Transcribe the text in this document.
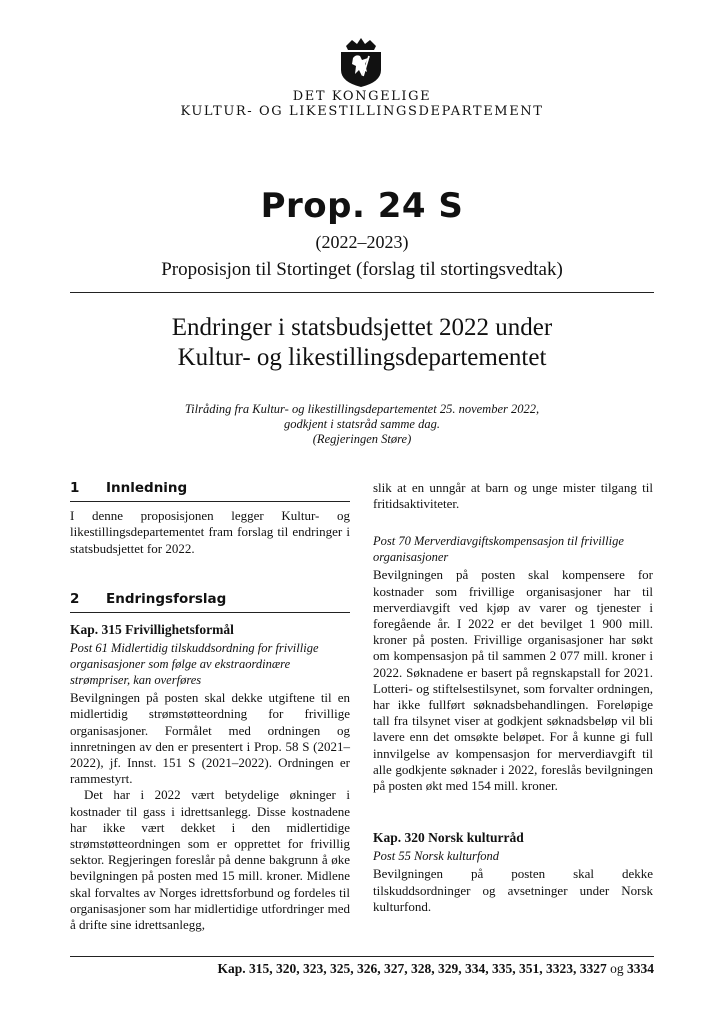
DET KONGELIGE
KULTUR- OG LIKESTILLINGSDEPARTEMENT
Prop. 24 S
(2022–2023)
Proposisjon til Stortinget (forslag til stortingsvedtak)
Endringer i statsbudsjettet 2022 under
Kultur- og likestillingsdepartementet
Tilråding fra Kultur- og likestillingsdepartementet 25. november 2022,
godkjent i statsråd samme dag.
(Regjeringen Støre)
1	Innledning

I denne proposisjonen legger Kultur- og likestillingsdepartementet fram forslag til endringer i statsbudsjettet for 2022.

2	Endringsforslag
Kap. 315 Frivillighetsformål
Post 61 Midlertidig tilskuddsordning for frivillige organisasjoner som følge av ekstraordinære strømpriser, kan overføres

Bevilgningen på posten skal dekke utgiftene til en midlertidig strømstøtteordning for frivillige organisasjoner. Formålet med ordningen og innretningen av den er presentert i Prop. 58 S (2021–2022), jf. Innst. 151 S (2021–2022). Ordningen er rammestyrt.

Det har i 2022 vært betydelige økninger i kostnader til gass i idrettsanlegg. Disse kostnadene har ikke vært dekket i den midlertidige strømstøtteordningen som er opprettet for frivillig sektor. Regjeringen foreslår på denne bakgrunn å øke bevilgningen på posten med 15 mill. kroner. Midlene skal forvaltes av Norges idrettsforbund og fordeles til organisasjoner som har midlertidige utfordringer med å drifte sine idrettsanlegg,

slik at en unngår at barn og unge mister tilgang til fritidsaktiviteter.

Post 70 Merverdiavgiftskompensasjon til frivillige organisasjoner

Bevilgningen på posten skal kompensere for kostnader som frivillige organisasjoner har til merverdiavgift ved kjøp av varer og tjenester i foregående år. I 2022 er det bevilget 1 900 mill. kroner på posten. Frivillige organisasjoner har søkt om kompensasjon på til sammen 2 077 mill. kroner i 2022. Søknadene er basert på regnskapstall for 2021. Lotteri- og stiftelsestilsynet, som forvalter ordningen, har ikke fullført søknadsbehandlingen. Foreløpige tall fra tilsynet viser at godkjent søknadsbeløp vil bli lavere enn det omsøkte beløpet. For å kunne gi full innvilgelse av kompensasjon for merverdiavgift til alle godkjente søknader i 2022, foreslås bevilgningen på posten økt med 154 mill. kroner.

Kap. 320 Norsk kulturråd
Post 55 Norsk kulturfond

Bevilgningen på posten skal dekke tilskuddsordninger og avsetninger under Norsk kulturfond.

Kap. 315, 320, 323, 325, 326, 327, 328, 329, 334, 335, 351, 3323, 3327 og 3334
